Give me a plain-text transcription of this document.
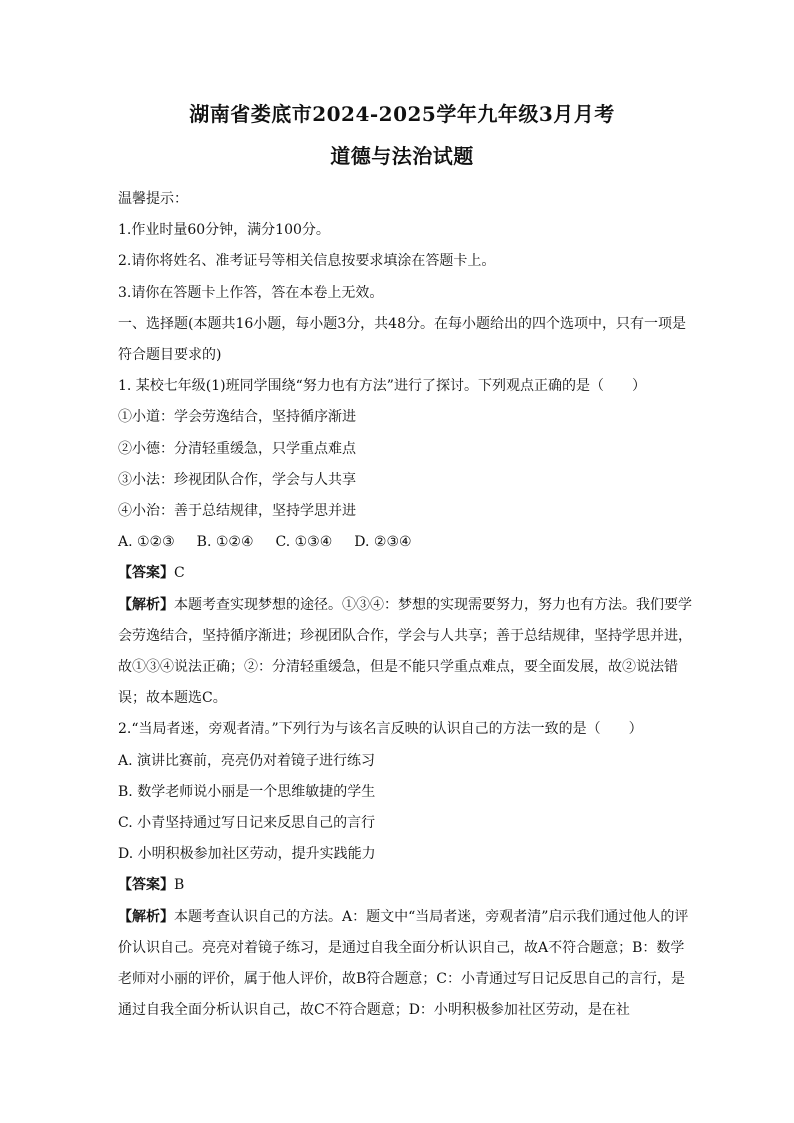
湖南省娄底市2024-2025学年九年级3月月考
道德与法治试题

温馨提示：

1.作业时量60分钟，满分100分。

2.请你将姓名、准考证号等相关信息按要求填涂在答题卡上。

3.请你在答题卡上作答，答在本卷上无效。

一、选择题(本题共16小题，每小题3分，共48分。在每小题给出的四个选项中，只有一项是符合题目要求的)

1. 某校七年级(1)班同学围绕“努力也有方法”进行了探讨。下列观点正确的是（　　）

①小道：学会劳逸结合，坚持循序渐进

②小德：分清轻重缓急，只学重点难点

③小法：珍视团队合作，学会与人共享

④小治：善于总结规律，坚持学思并进

A. ①②③ B. ①②④ C. ①③④ D. ②③④

【答案】C

【解析】本题考查实现梦想的途径。①③④：梦想的实现需要努力，努力也有方法。我们要学会劳逸结合，坚持循序渐进；珍视团队合作，学会与人共享；善于总结规律，坚持学思并进，故①③④说法正确；②：分清轻重缓急，但是不能只学重点难点，要全面发展，故②说法错误；故本题选C。

2.“当局者迷，旁观者清。”下列行为与该名言反映的认识自己的方法一致的是（　　）

A. 演讲比赛前，亮亮仍对着镜子进行练习

B. 数学老师说小丽是一个思维敏捷的学生

C. 小青坚持通过写日记来反思自己的言行

D. 小明积极参加社区劳动，提升实践能力

【答案】B

【解析】本题考查认识自己的方法。A：题文中“当局者迷，旁观者清”启示我们通过他人的评价认识自己。亮亮对着镜子练习，是通过自我全面分析认识自己，故A不符合题意；B：数学老师对小丽的评价，属于他人评价，故B符合题意；C：小青通过写日记反思自己的言行，是通过自我全面分析认识自己，故C不符合题意；D：小明积极参加社区劳动，是在社
